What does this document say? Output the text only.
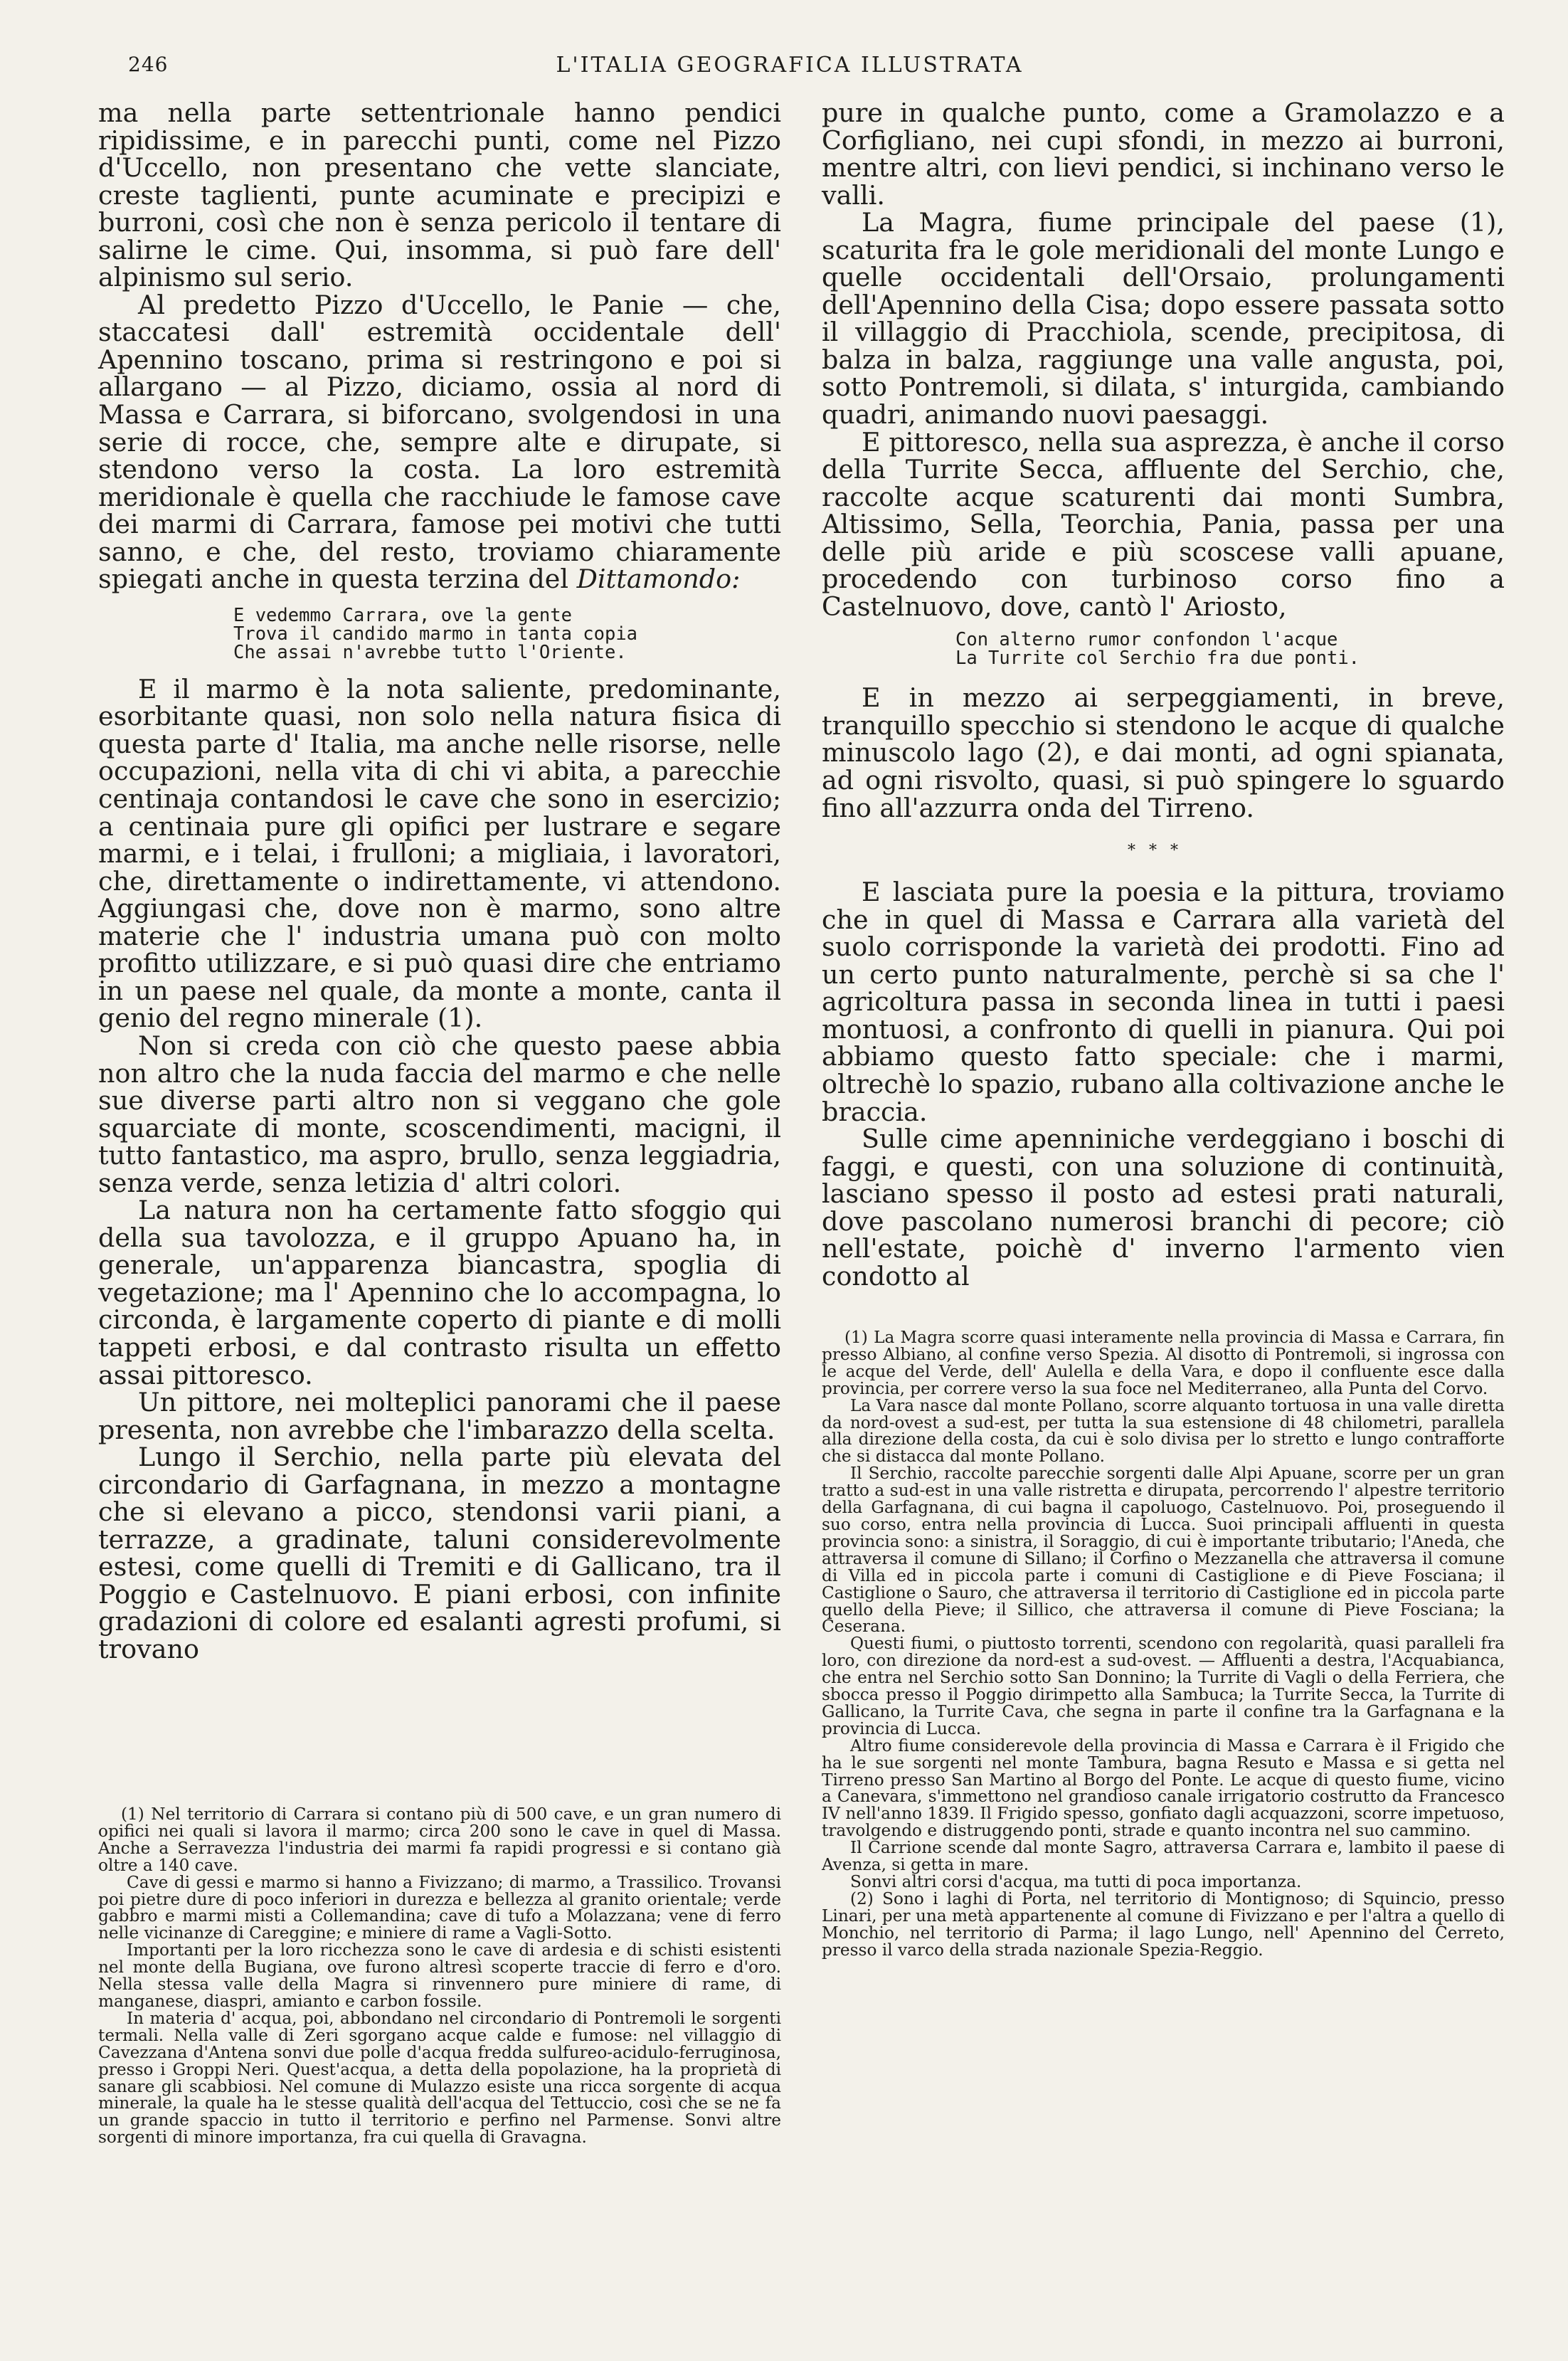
246	L'ITALIA GEOGRAFICA ILLUSTRATA

ma nella parte settentrionale hanno pendici ripidissime, e in parecchi punti, come nel Pizzo d'Uccello, non presentano che vette slanciate, creste taglienti, punte acuminate e precipizi e burroni, così che non è senza pericolo il tentare di salirne le cime. Qui, insomma, si può fare dell' alpinismo sul serio.

Al predetto Pizzo d'Uccello, le Panie — che, staccatesi dall' estremità occidentale dell' Apennino toscano, prima si restringono e poi si allargano — al Pizzo, diciamo, ossia al nord di Massa e Carrara, si biforcano, svolgendosi in una serie di rocce, che, sempre alte e dirupate, si stendono verso la costa. La loro estremità meridionale è quella che racchiude le famose cave dei marmi di Carrara, famose pei motivi che tutti sanno, e che, del resto, troviamo chiaramente spiegati anche in questa terzina del Dittamondo:

E vedemmo Carrara, ove la gente
Trova il candido marmo in tanta copia
Che assai n'avrebbe tutto l'Oriente.

E il marmo è la nota saliente, predominante, esorbitante quasi, non solo nella natura fisica di questa parte d' Italia, ma anche nelle risorse, nelle occupazioni, nella vita di chi vi abita, a parecchie centinaja contandosi le cave che sono in esercizio; a centinaia pure gli opifici per lustrare e segare marmi, e i telai, i frulloni; a migliaia, i lavoratori, che, direttamente o indirettamente, vi attendono. Aggiungasi che, dove non è marmo, sono altre materie che l' industria umana può con molto profitto utilizzare, e si può quasi dire che entriamo in un paese nel quale, da monte a monte, canta il genio del regno minerale (1).

Non si creda con ciò che questo paese abbia non altro che la nuda faccia del marmo e che nelle sue diverse parti altro non si veggano che gole squarciate di monte, scoscendimenti, macigni, il tutto fantastico, ma aspro, brullo, senza leggiadria, senza verde, senza letizia d' altri colori.

La natura non ha certamente fatto sfoggio qui della sua tavolozza, e il gruppo Apuano ha, in generale, un'apparenza biancastra, spoglia di vegetazione; ma l' Apennino che lo accompagna, lo circonda, è largamente coperto di piante e di molli tappeti erbosi, e dal contrasto risulta un effetto assai pittoresco.

Un pittore, nei molteplici panorami che il paese presenta, non avrebbe che l'imbarazzo della scelta.

Lungo il Serchio, nella parte più elevata del circondario di Garfagnana, in mezzo a montagne che si elevano a picco, stendonsi varii piani, a terrazze, a gradinate, taluni considerevolmente estesi, come quelli di Tremiti e di Gallicano, tra il Poggio e Castelnuovo. E piani erbosi, con infinite gradazioni di colore ed esalanti agresti profumi, si trovano

(1) Nel territorio di Carrara si contano più di 500 cave, e un gran numero di opifici nei quali si lavora il marmo; circa 200 sono le cave in quel di Massa. Anche a Serravezza l'industria dei marmi fa rapidi progressi e si contano già oltre a 140 cave.

Cave di gessi e marmo si hanno a Fivizzano; di marmo, a Trassilico. Trovansi poi pietre dure di poco inferiori in durezza e bellezza al granito orientale; verde gabbro e marmi misti a Collemandina; cave di tufo a Molazzana; vene di ferro nelle vicinanze di Careggine; e miniere di rame a Vagli-Sotto.

Importanti per la loro ricchezza sono le cave di ardesia e di schisti esistenti nel monte della Bugiana, ove furono altresì scoperte traccie di ferro e d'oro. Nella stessa valle della Magra si rinvennero pure miniere di rame, di manganese, diaspri, amianto e carbon fossile.

In materia d' acqua, poi, abbondano nel circondario di Pontremoli le sorgenti termali. Nella valle di Zeri sgorgano acque calde e fumose: nel villaggio di Cavezzana d'Antena sonvi due polle d'acqua fredda sulfureo-acidulo-ferruginosa, presso i Groppi Neri. Quest'acqua, a detta della popolazione, ha la proprietà di sanare gli scabbiosi. Nel comune di Mulazzo esiste una ricca sorgente di acqua minerale, la quale ha le stesse qualità dell'acqua del Tettuccio, così che se ne fa un grande spaccio in tutto il territorio e perfino nel Parmense. Sonvi altre sorgenti di minore importanza, fra cui quella di Gravagna.

pure in qualche punto, come a Gramolazzo e a Corfigliano, nei cupi sfondi, in mezzo ai burroni, mentre altri, con lievi pendici, si inchinano verso le valli.

La Magra, fiume principale del paese (1), scaturita fra le gole meridionali del monte Lungo e quelle occidentali dell'Orsaio, prolungamenti dell'Apennino della Cisa; dopo essere passata sotto il villaggio di Pracchiola, scende, precipitosa, di balza in balza, raggiunge una valle angusta, poi, sotto Pontremoli, si dilata, s' inturgida, cambiando quadri, animando nuovi paesaggi.

E pittoresco, nella sua asprezza, è anche il corso della Turrite Secca, affluente del Serchio, che, raccolte acque scaturenti dai monti Sumbra, Altissimo, Sella, Teorchia, Pania, passa per una delle più aride e più scoscese valli apuane, procedendo con turbinoso corso fino a Castelnuovo, dove, cantò l' Ariosto,

Con alterno rumor confondon l'acque
La Turrite col Serchio fra due ponti.

E in mezzo ai serpeggiamenti, in breve, tranquillo specchio si stendono le acque di qualche minuscolo lago (2), e dai monti, ad ogni spianata, ad ogni risvolto, quasi, si può spingere lo sguardo fino all'azzurra onda del Tirreno.

* * *

E lasciata pure la poesia e la pittura, troviamo che in quel di Massa e Carrara alla varietà del suolo corrisponde la varietà dei prodotti. Fino ad un certo punto naturalmente, perchè si sa che l' agricoltura passa in seconda linea in tutti i paesi montuosi, a confronto di quelli in pianura. Qui poi abbiamo questo fatto speciale: che i marmi, oltrechè lo spazio, rubano alla coltivazione anche le braccia.

Sulle cime apenniniche verdeggiano i boschi di faggi, e questi, con una soluzione di continuità, lasciano spesso il posto ad estesi prati naturali, dove pascolano numerosi branchi di pecore; ciò nell'estate, poichè d' inverno l'armento vien condotto al

(1) La Magra scorre quasi interamente nella provincia di Massa e Carrara, fin presso Albiano, al confine verso Spezia. Al disotto di Pontremoli, si ingrossa con le acque del Verde, dell' Aulella e della Vara, e dopo il confluente esce dalla provincia, per correre verso la sua foce nel Mediterraneo, alla Punta del Corvo.

La Vara nasce dal monte Pollano, scorre alquanto tortuosa in una valle diretta da nord-ovest a sud-est, per tutta la sua estensione di 48 chilometri, parallela alla direzione della costa, da cui è solo divisa per lo stretto e lungo contrafforte che si distacca dal monte Pollano.

Il Serchio, raccolte parecchie sorgenti dalle Alpi Apuane, scorre per un gran tratto a sud-est in una valle ristretta e dirupata, percorrendo l' alpestre territorio della Garfagnana, di cui bagna il capoluogo, Castelnuovo. Poi, proseguendo il suo corso, entra nella provincia di Lucca. Suoi principali affluenti in questa provincia sono: a sinistra, il Soraggio, di cui è importante tributario; l'Aneda, che attraversa il comune di Sillano; il Corfino o Mezzanella che attraversa il comune di Villa ed in piccola parte i comuni di Castiglione e di Pieve Fosciana; il Castiglione o Sauro, che attraversa il territorio di Castiglione ed in piccola parte quello della Pieve; il Sillico, che attraversa il comune di Pieve Fosciana; la Ceserana.

Questi fiumi, o piuttosto torrenti, scendono con regolarità, quasi paralleli fra loro, con direzione da nord-est a sud-ovest. — Affluenti a destra, l'Acquabianca, che entra nel Serchio sotto San Donnino; la Turrite di Vagli o della Ferriera, che sbocca presso il Poggio dirimpetto alla Sambuca; la Turrite Secca, la Turrite di Gallicano, la Turrite Cava, che segna in parte il confine tra la Garfagnana e la provincia di Lucca.

Altro fiume considerevole della provincia di Massa e Carrara è il Frigido che ha le sue sorgenti nel monte Tambura, bagna Resuto e Massa e si getta nel Tirreno presso San Martino al Borgo del Ponte. Le acque di questo fiume, vicino a Canevara, s'immettono nel grandioso canale irrigatorio costrutto da Francesco IV nell'anno 1839. Il Frigido spesso, gonfiato dagli acquazzoni, scorre impetuoso, travolgendo e distruggendo ponti, strade e quanto incontra nel suo cammino.

Il Carrione scende dal monte Sagro, attraversa Carrara e, lambito il paese di Avenza, si getta in mare.

Sonvi altri corsi d'acqua, ma tutti di poca importanza.

(2) Sono i laghi di Porta, nel territorio di Montignoso; di Squincio, presso Linari, per una metà appartenente al comune di Fivizzano e per l'altra a quello di Monchio, nel territorio di Parma; il lago Lungo, nell' Apennino del Cerreto, presso il varco della strada nazionale Spezia-Reggio.
